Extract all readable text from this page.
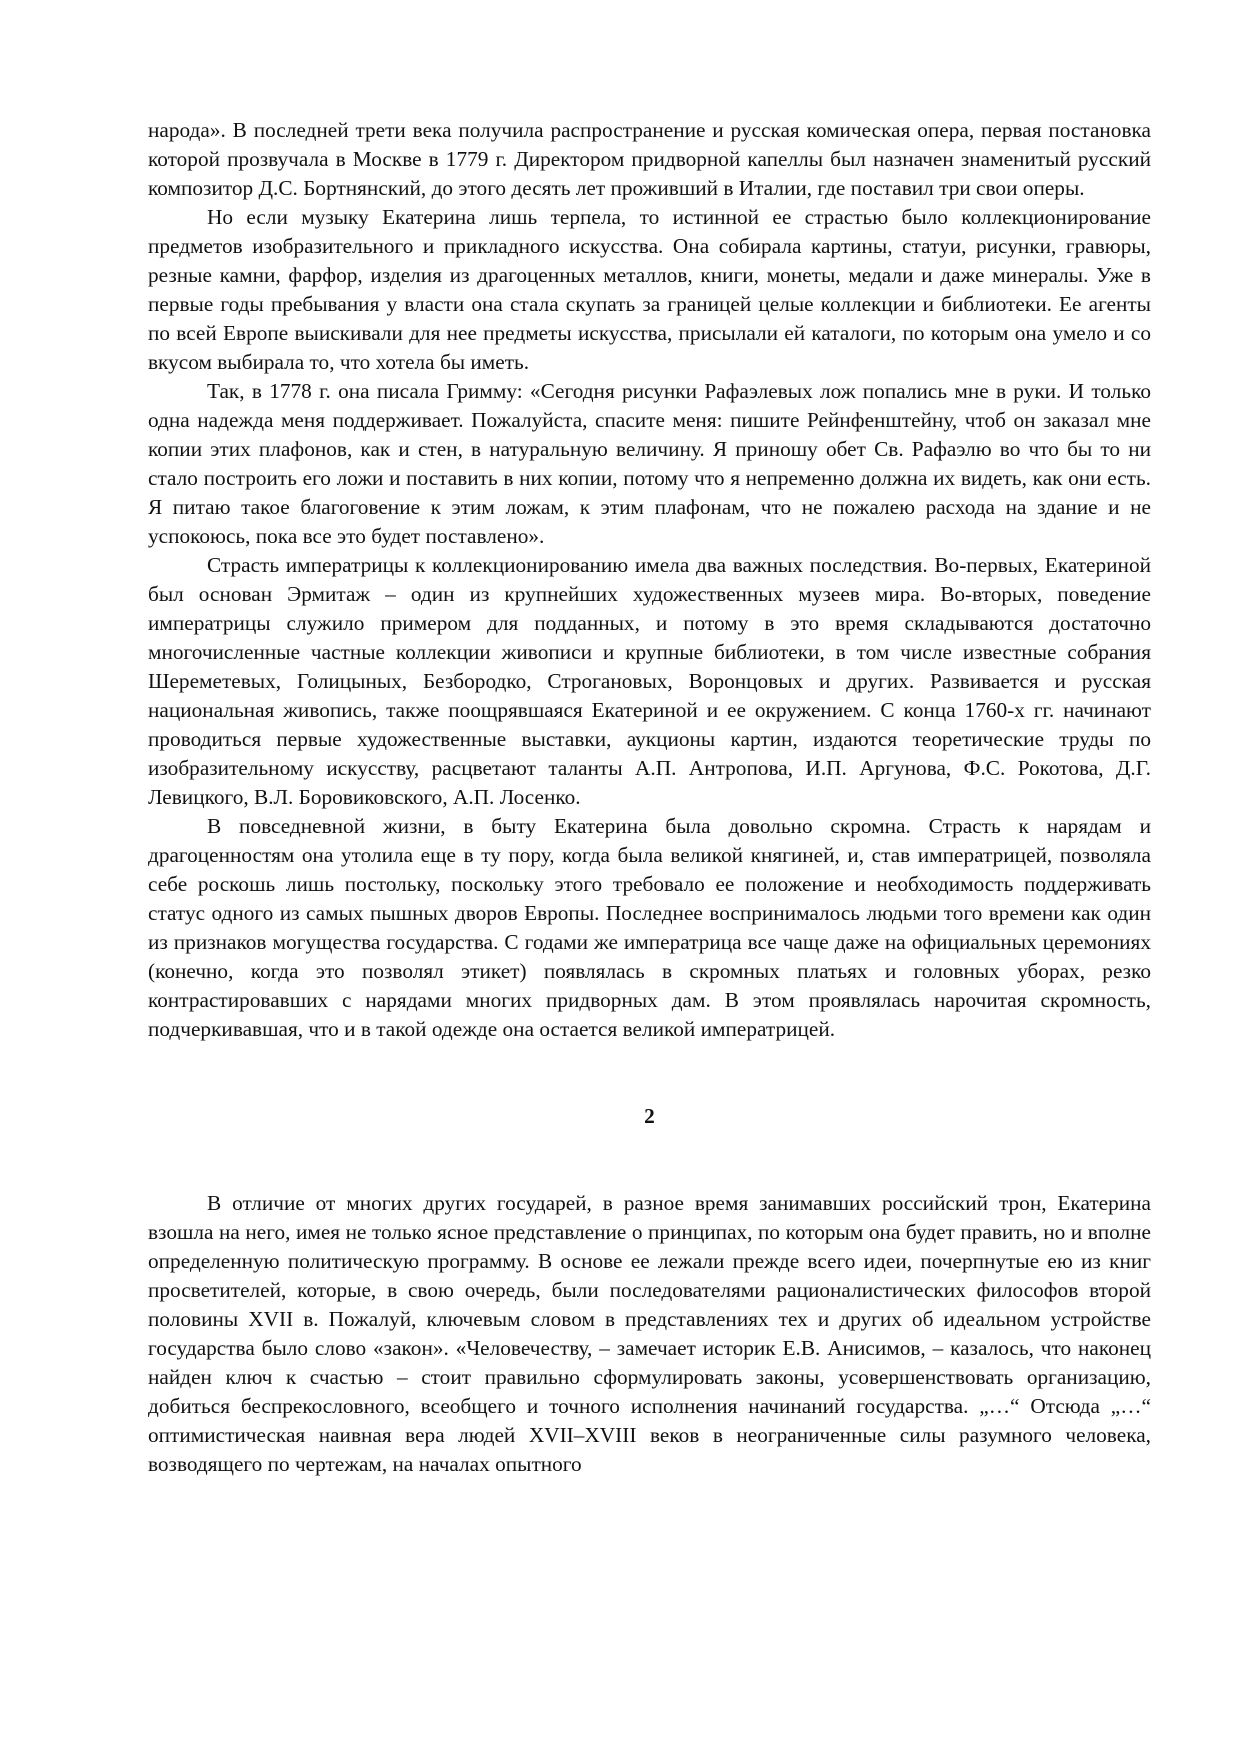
народа». В последней трети века получила распространение и русская комическая опера, первая постановка которой прозвучала в Москве в 1779 г. Директором придворной капеллы был назначен знаменитый русский композитор Д.С. Бортнянский, до этого десять лет проживший в Италии, где поставил три свои оперы.

Но если музыку Екатерина лишь терпела, то истинной ее страстью было коллекционирование предметов изобразительного и прикладного искусства. Она собирала картины, статуи, рисунки, гравюры, резные камни, фарфор, изделия из драгоценных металлов, книги, монеты, медали и даже минералы. Уже в первые годы пребывания у власти она стала скупать за границей целые коллекции и библиотеки. Ее агенты по всей Европе выискивали для нее предметы искусства, присылали ей каталоги, по которым она умело и со вкусом выбирала то, что хотела бы иметь.

Так, в 1778 г. она писала Гримму: «Сегодня рисунки Рафаэлевых лож попались мне в руки. И только одна надежда меня поддерживает. Пожалуйста, спасите меня: пишите Рейнфенштейну, чтоб он заказал мне копии этих плафонов, как и стен, в натуральную величину. Я приношу обет Св. Рафаэлю во что бы то ни стало построить его ложи и поставить в них копии, потому что я непременно должна их видеть, как они есть. Я питаю такое благоговение к этим ложам, к этим плафонам, что не пожалею расхода на здание и не успокоюсь, пока все это будет поставлено».

Страсть императрицы к коллекционированию имела два важных последствия. Во-первых, Екатериной был основан Эрмитаж – один из крупнейших художественных музеев мира. Во-вторых, поведение императрицы служило примером для подданных, и потому в это время складываются достаточно многочисленные частные коллекции живописи и крупные библиотеки, в том числе известные собрания Шереметевых, Голицыных, Безбородко, Строгановых, Воронцовых и других. Развивается и русская национальная живопись, также поощрявшаяся Екатериной и ее окружением. С конца 1760-х гг. начинают проводиться первые художественные выставки, аукционы картин, издаются теоретические труды по изобразительному искусству, расцветают таланты А.П. Антропова, И.П. Аргунова, Ф.С. Рокотова, Д.Г. Левицкого, В.Л. Боровиковского, А.П. Лосенко.

В повседневной жизни, в быту Екатерина была довольно скромна. Страсть к нарядам и драгоценностям она утолила еще в ту пору, когда была великой княгиней, и, став императрицей, позволяла себе роскошь лишь постольку, поскольку этого требовало ее положение и необходимость поддерживать статус одного из самых пышных дворов Европы. Последнее воспринималось людьми того времени как один из признаков могущества государства. С годами же императрица все чаще даже на официальных церемониях (конечно, когда это позволял этикет) появлялась в скромных платьях и головных уборах, резко контрастировавших с нарядами многих придворных дам. В этом проявлялась нарочитая скромность, подчеркивавшая, что и в такой одежде она остается великой императрицей.

2

В отличие от многих других государей, в разное время занимавших российский трон, Екатерина взошла на него, имея не только ясное представление о принципах, по которым она будет править, но и вполне определенную политическую программу. В основе ее лежали прежде всего идеи, почерпнутые ею из книг просветителей, которые, в свою очередь, были последователями рационалистических философов второй половины XVII в. Пожалуй, ключевым словом в представлениях тех и других об идеальном устройстве государства было слово «закон». «Человечеству, – замечает историк Е.В. Анисимов, – казалось, что наконец найден ключ к счастью – стоит правильно сформулировать законы, усовершенствовать организацию, добиться беспрекословного, всеобщего и точного исполнения начинаний государства. „…“ Отсюда „…“ оптимистическая наивная вера людей XVII–XVIII веков в неограниченные силы разумного человека, возводящего по чертежам, на началах опытного
